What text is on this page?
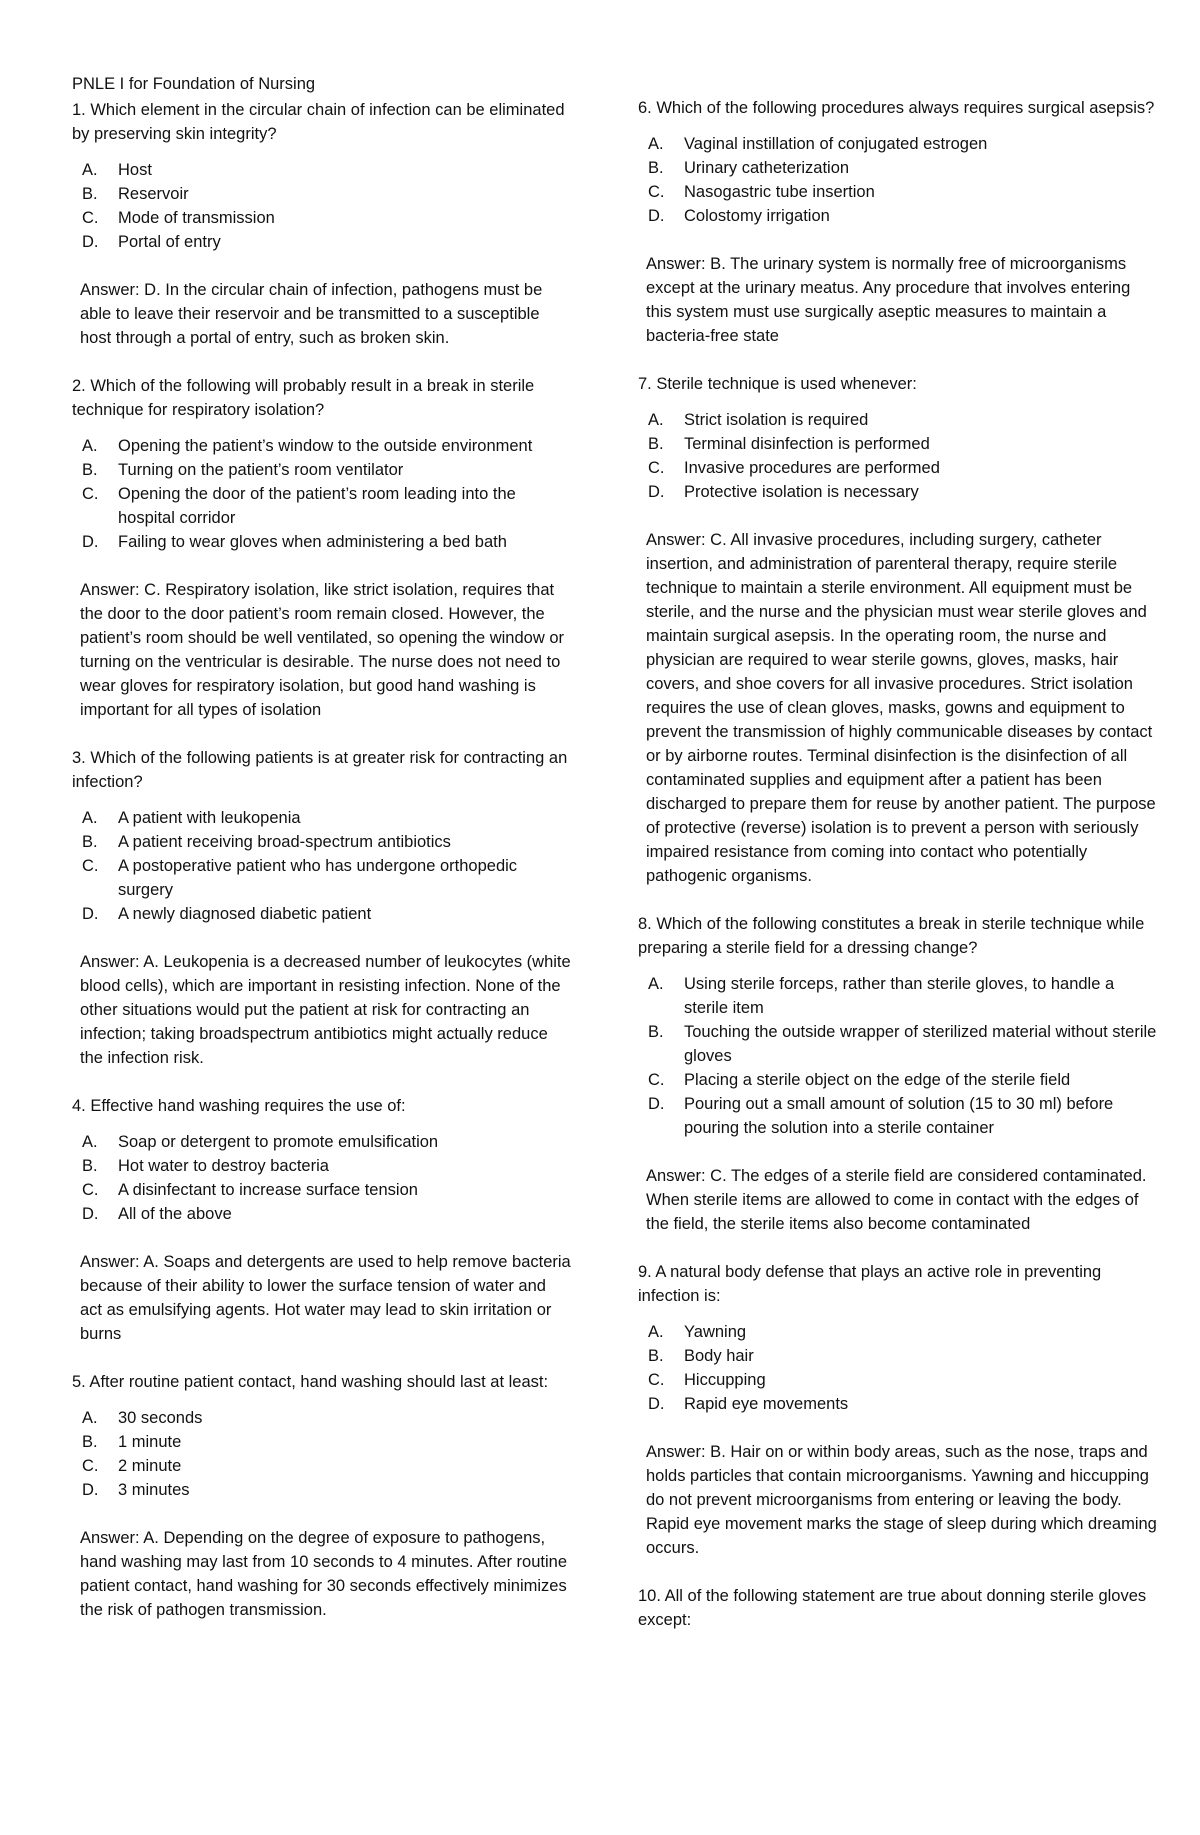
PNLE I for Foundation of Nursing

1. Which element in the circular chain of infection can be eliminated by preserving skin integrity?

A.	Host
B.	Reservoir
C.	Mode of transmission
D.	Portal of entry

Answer: D. In the circular chain of infection, pathogens must be able to leave their reservoir and be transmitted to a susceptible host through a portal of entry, such as broken skin.

2. Which of the following will probably result in a break in sterile technique for respiratory isolation?

A.	Opening the patient’s window to the outside environment
B.	Turning on the patient’s room ventilator
C.	Opening the door of the patient’s room leading into the hospital corridor
D.	Failing to wear gloves when administering a bed bath

Answer: C. Respiratory isolation, like strict isolation, requires that the door to the door patient’s room remain closed. However, the patient’s room should be well ventilated, so opening the window or turning on the ventricular is desirable. The nurse does not need to wear gloves for respiratory isolation, but good hand washing is important for all types of isolation

3. Which of the following patients is at greater risk for contracting an infection?

A.	A patient with leukopenia
B.	A patient receiving broad-spectrum antibiotics
C.	A postoperative patient who has undergone orthopedic surgery
D.	A newly diagnosed diabetic patient

Answer: A. Leukopenia is a decreased number of leukocytes (white blood cells), which are important in resisting infection. None of the other situations would put the patient at risk for contracting an infection; taking broadspectrum antibiotics might actually reduce the infection risk.

4. Effective hand washing requires the use of:

A.	Soap or detergent to promote emulsification
B.	Hot water to destroy bacteria
C.	A disinfectant to increase surface tension
D.	All of the above

Answer: A. Soaps and detergents are used to help remove bacteria because of their ability to lower the surface tension of water and act as emulsifying agents. Hot water may lead to skin irritation or burns

5. After routine patient contact, hand washing should last at least:

A.	30 seconds
B.	1 minute
C.	2 minute
D.	3 minutes

Answer: A. Depending on the degree of exposure to pathogens, hand washing may last from 10 seconds to 4 minutes. After routine patient contact, hand washing for 30 seconds effectively minimizes the risk of pathogen transmission.

6. Which of the following procedures always requires surgical asepsis?

A.	Vaginal instillation of conjugated estrogen
B.	Urinary catheterization
C.	Nasogastric tube insertion
D.	Colostomy irrigation

Answer: B. The urinary system is normally free of microorganisms except at the urinary meatus. Any procedure that involves entering this system must use surgically aseptic measures to maintain a bacteria-free state

7. Sterile technique is used whenever:

A.	Strict isolation is required
B.	Terminal disinfection is performed
C.	Invasive procedures are performed
D.	Protective isolation is necessary

Answer: C. All invasive procedures, including surgery, catheter insertion, and administration of parenteral therapy, require sterile technique to maintain a sterile environment. All equipment must be sterile, and the nurse and the physician must wear sterile gloves and maintain surgical asepsis. In the operating room, the nurse and physician are required to wear sterile gowns, gloves, masks, hair covers, and shoe covers for all invasive procedures. Strict isolation requires the use of clean gloves, masks, gowns and equipment to prevent the transmission of highly communicable diseases by contact or by airborne routes. Terminal disinfection is the disinfection of all contaminated supplies and equipment after a patient has been discharged to prepare them for reuse by another patient. The purpose of protective (reverse) isolation is to prevent a person with seriously impaired resistance from coming into contact who potentially pathogenic organisms.

8. Which of the following constitutes a break in sterile technique while preparing a sterile field for a dressing change?

A.	Using sterile forceps, rather than sterile gloves, to handle a sterile item
B.	Touching the outside wrapper of sterilized material without sterile gloves
C.	Placing a sterile object on the edge of the sterile field
D.	Pouring out a small amount of solution (15 to 30 ml) before pouring the solution into a sterile container

Answer: C. The edges of a sterile field are considered contaminated. When sterile items are allowed to come in contact with the edges of the field, the sterile items also become contaminated

9. A natural body defense that plays an active role in preventing infection is:

A.	Yawning
B.	Body hair
C.	Hiccupping
D.	Rapid eye movements

Answer: B. Hair on or within body areas, such as the nose, traps and holds particles that contain microorganisms. Yawning and hiccupping do not prevent microorganisms from entering or leaving the body. Rapid eye movement marks the stage of sleep during which dreaming occurs.

10. All of the following statement are true about donning sterile gloves except:
